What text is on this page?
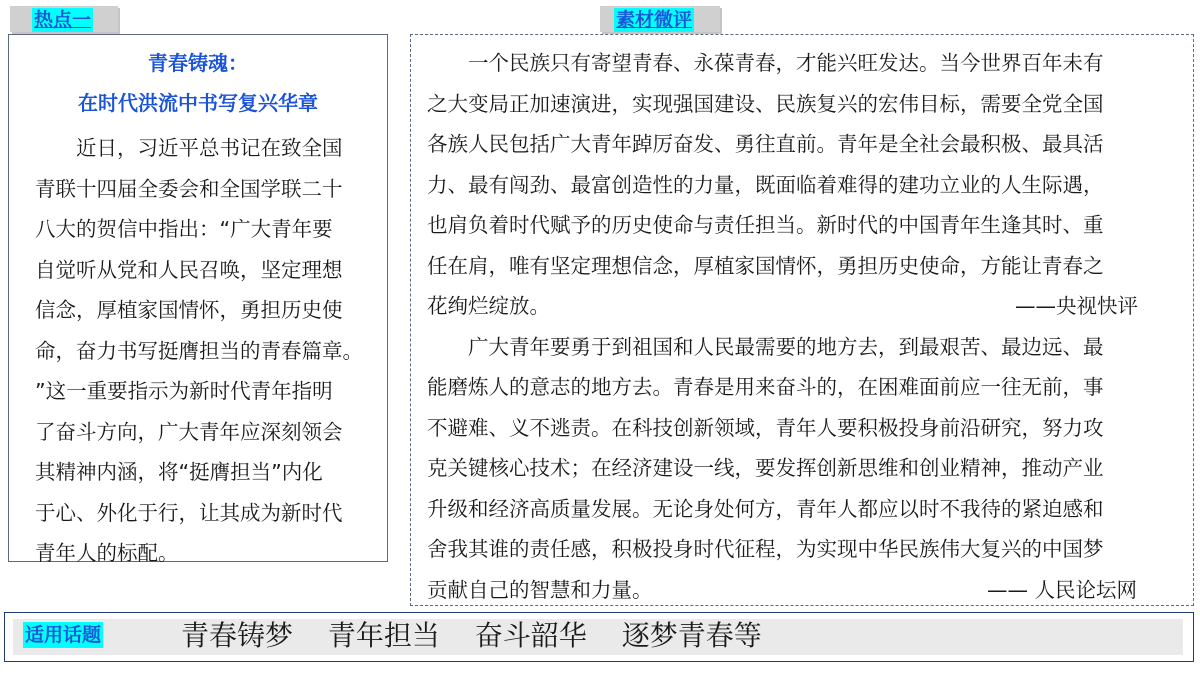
热点一	素材微评
青春铸魂：
在时代洪流中书写复兴华章
　　近日，习近平总书记在致全国
青联十四届全委会和全国学联二十
八大的贺信中指出：“广大青年要
自觉听从党和人民召唤，坚定理想
信念，厚植家国情怀，勇担历史使
命，奋力书写挺膺担当的青春篇章。
”这一重要指示为新时代青年指明
了奋斗方向，广大青年应深刻领会
其精神内涵，将“挺膺担当”内化
于心、外化于行，让其成为新时代
青年人的标配。
　　一个民族只有寄望青春、永葆青春，才能兴旺发达。当今世界百年未有
之大变局正加速演进，实现强国建设、民族复兴的宏伟目标，需要全党全国
各族人民包括广大青年踔厉奋发、勇往直前。青年是全社会最积极、最具活
力、最有闯劲、最富创造性的力量，既面临着难得的建功立业的人生际遇，
也肩负着时代赋予的历史使命与责任担当。新时代的中国青年生逢其时、重
任在肩，唯有坚定理想信念，厚植家国情怀，勇担历史使命，方能让青春之
花绚烂绽放。	——央视快评
　　广大青年要勇于到祖国和人民最需要的地方去，到最艰苦、最边远、最
能磨炼人的意志的地方去。青春是用来奋斗的，在困难面前应一往无前，事
不避难、义不逃责。在科技创新领域，青年人要积极投身前沿研究，努力攻
克关键核心技术；在经济建设一线，要发挥创新思维和创业精神，推动产业
升级和经济高质量发展。无论身处何方，青年人都应以时不我待的紧迫感和
舍我其谁的责任感，积极投身时代征程，为实现中华民族伟大复兴的中国梦
贡献自己的智慧和力量。	—— 人民论坛网
适用话题	青春铸梦 青年担当 奋斗韶华 逐梦青春等
